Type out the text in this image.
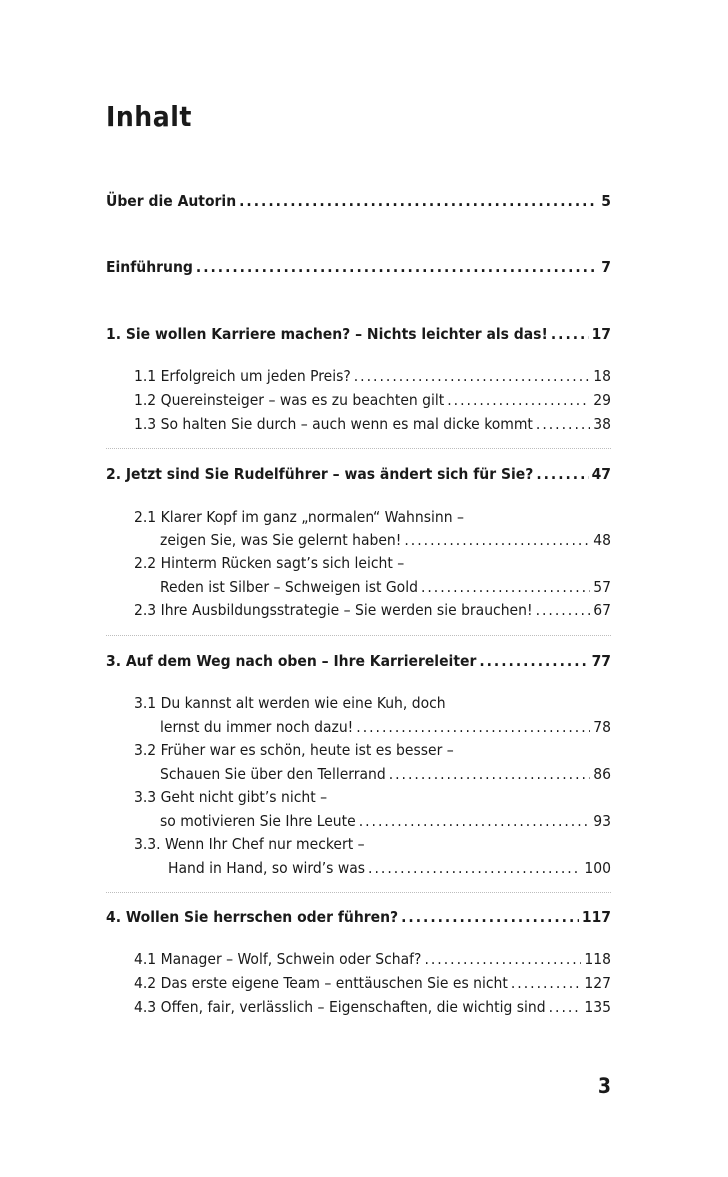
Inhalt
Über die Autorin .....	5
Einführung .....	7
1. Sie wollen Karriere machen? – Nichts leichter als das! .....	17
1.1 Erfolgreich um jeden Preis? .....	18
1.2 Quereinsteiger – was es zu beachten gilt .....	29
1.3 So halten Sie durch – auch wenn es mal dicke kommt .....	38
2. Jetzt sind Sie Rudelführer – was ändert sich für Sie? .....	47
2.1 Klarer Kopf im ganz „normalen“ Wahnsinn –
zeigen Sie, was Sie gelernt haben! .....	48
2.2 Hinterm Rücken sagt’s sich leicht –
Reden ist Silber – Schweigen ist Gold .....	57
2.3 Ihre Ausbildungsstrategie – Sie werden sie brauchen! .....	67
3. Auf dem Weg nach oben – Ihre Karriereleiter .....	77
3.1 Du kannst alt werden wie eine Kuh, doch
lernst du immer noch dazu! .....	78
3.2 Früher war es schön, heute ist es besser –
Schauen Sie über den Tellerrand .....	86
3.3 Geht nicht gibt’s nicht –
so motivieren Sie Ihre Leute .....	93
3.3. Wenn Ihr Chef nur meckert –
Hand in Hand, so wird’s was .....	100
4. Wollen Sie herrschen oder führen? .....	117
4.1 Manager – Wolf, Schwein oder Schaf? .....	118
4.2 Das erste eigene Team – enttäuschen Sie es nicht .....	127
4.3 Offen, fair, verlässlich – Eigenschaften, die wichtig sind .....	135
3
